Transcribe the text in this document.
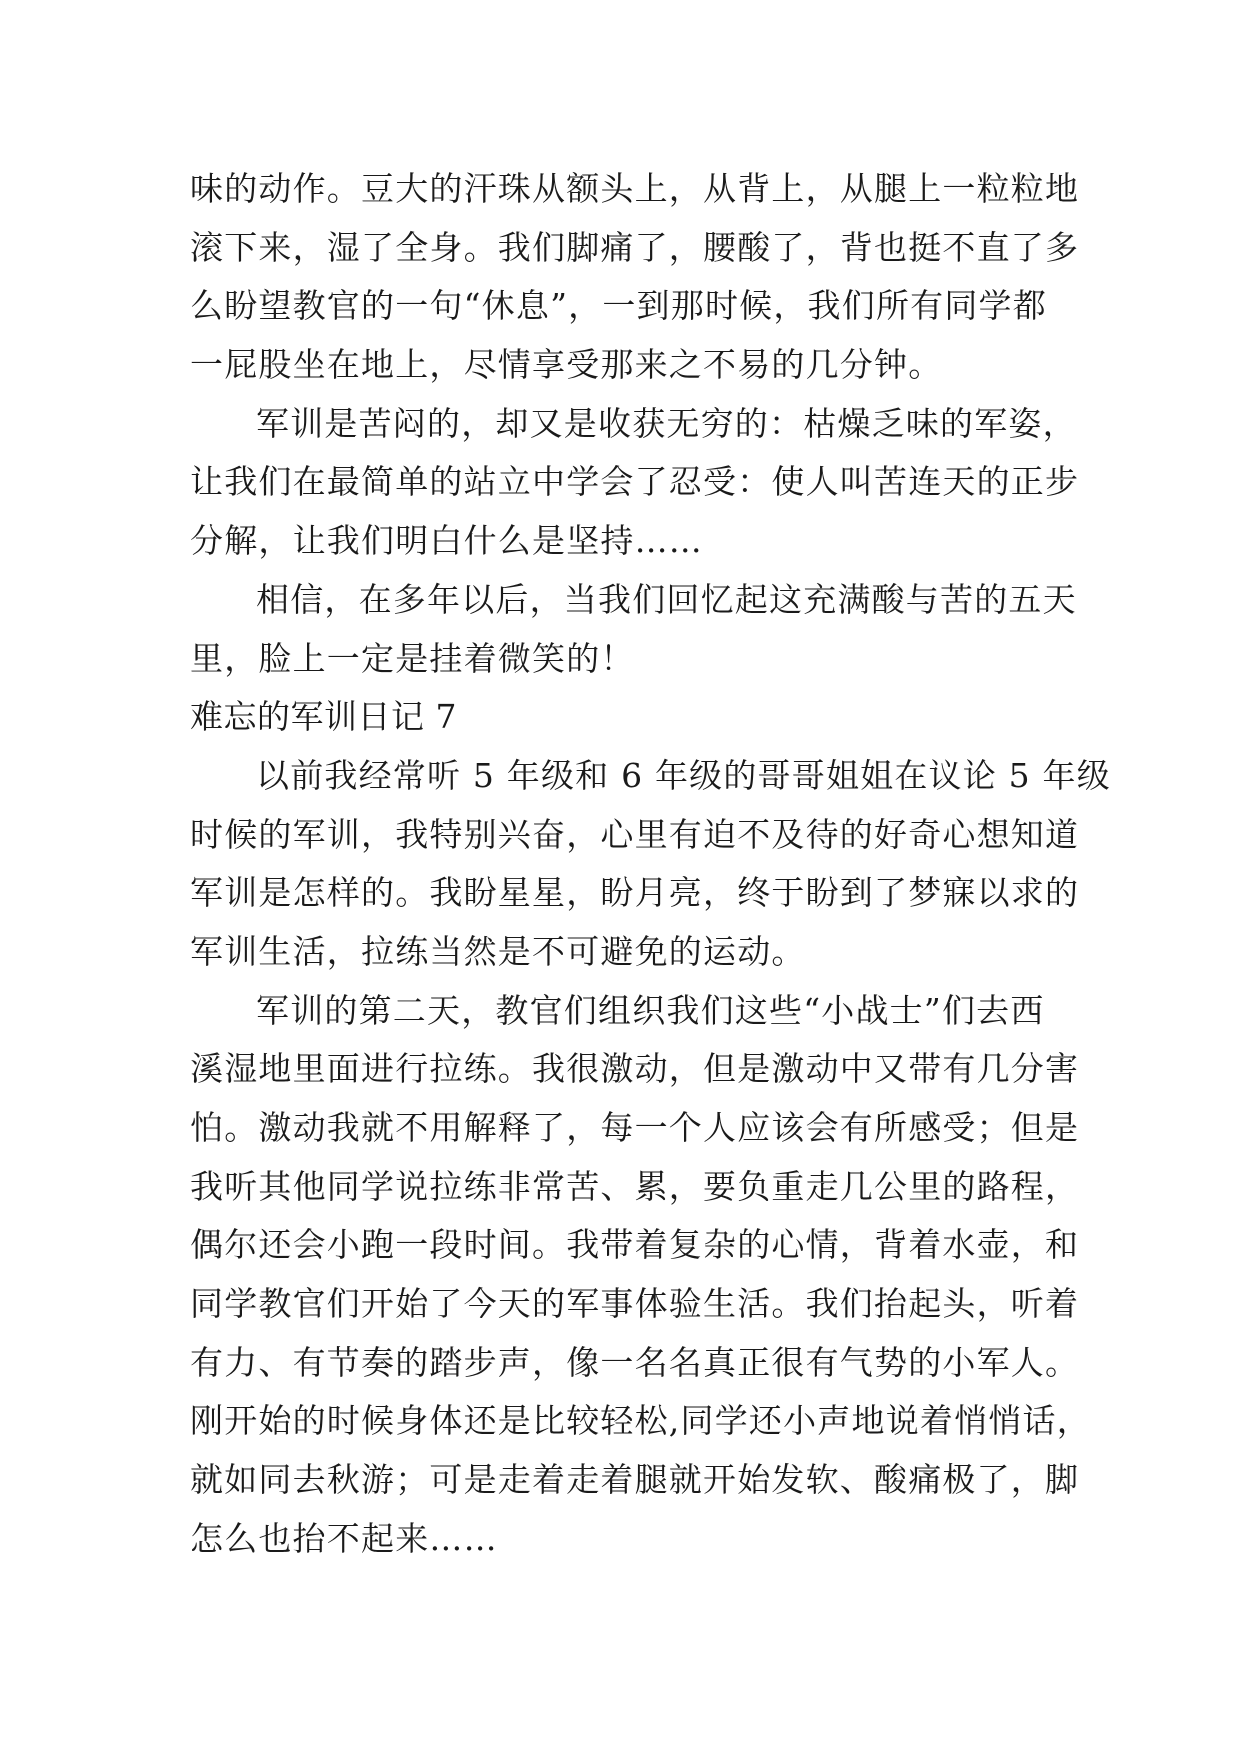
味的动作。豆大的汗珠从额头上，从背上，从腿上一粒粒地
滚下来，湿了全身。我们脚痛了，腰酸了，背也挺不直了多
么盼望教官的一句“休息”，一到那时候，我们所有同学都
一屁股坐在地上，尽情享受那来之不易的几分钟。
军训是苦闷的，却又是收获无穷的：枯燥乏味的军姿，
让我们在最简单的站立中学会了忍受：使人叫苦连天的正步
分解，让我们明白什么是坚持……
相信，在多年以后，当我们回忆起这充满酸与苦的五天
里，脸上一定是挂着微笑的！
难忘的军训日记 7
以前我经常听 5 年级和 6 年级的哥哥姐姐在议论 5 年级
时候的军训，我特别兴奋，心里有迫不及待的好奇心想知道
军训是怎样的。我盼星星，盼月亮，终于盼到了梦寐以求的
军训生活，拉练当然是不可避免的运动。
军训的第二天，教官们组织我们这些“小战士”们去西
溪湿地里面进行拉练。我很激动，但是激动中又带有几分害
怕。激动我就不用解释了，每一个人应该会有所感受；但是
我听其他同学说拉练非常苦、累，要负重走几公里的路程，
偶尔还会小跑一段时间。我带着复杂的心情，背着水壶，和
同学教官们开始了今天的军事体验生活。我们抬起头，听着
有力、有节奏的踏步声，像一名名真正很有气势的小军人。
刚开始的时候身体还是比较轻松,同学还小声地说着悄悄话，
就如同去秋游；可是走着走着腿就开始发软、酸痛极了，脚
怎么也抬不起来……
